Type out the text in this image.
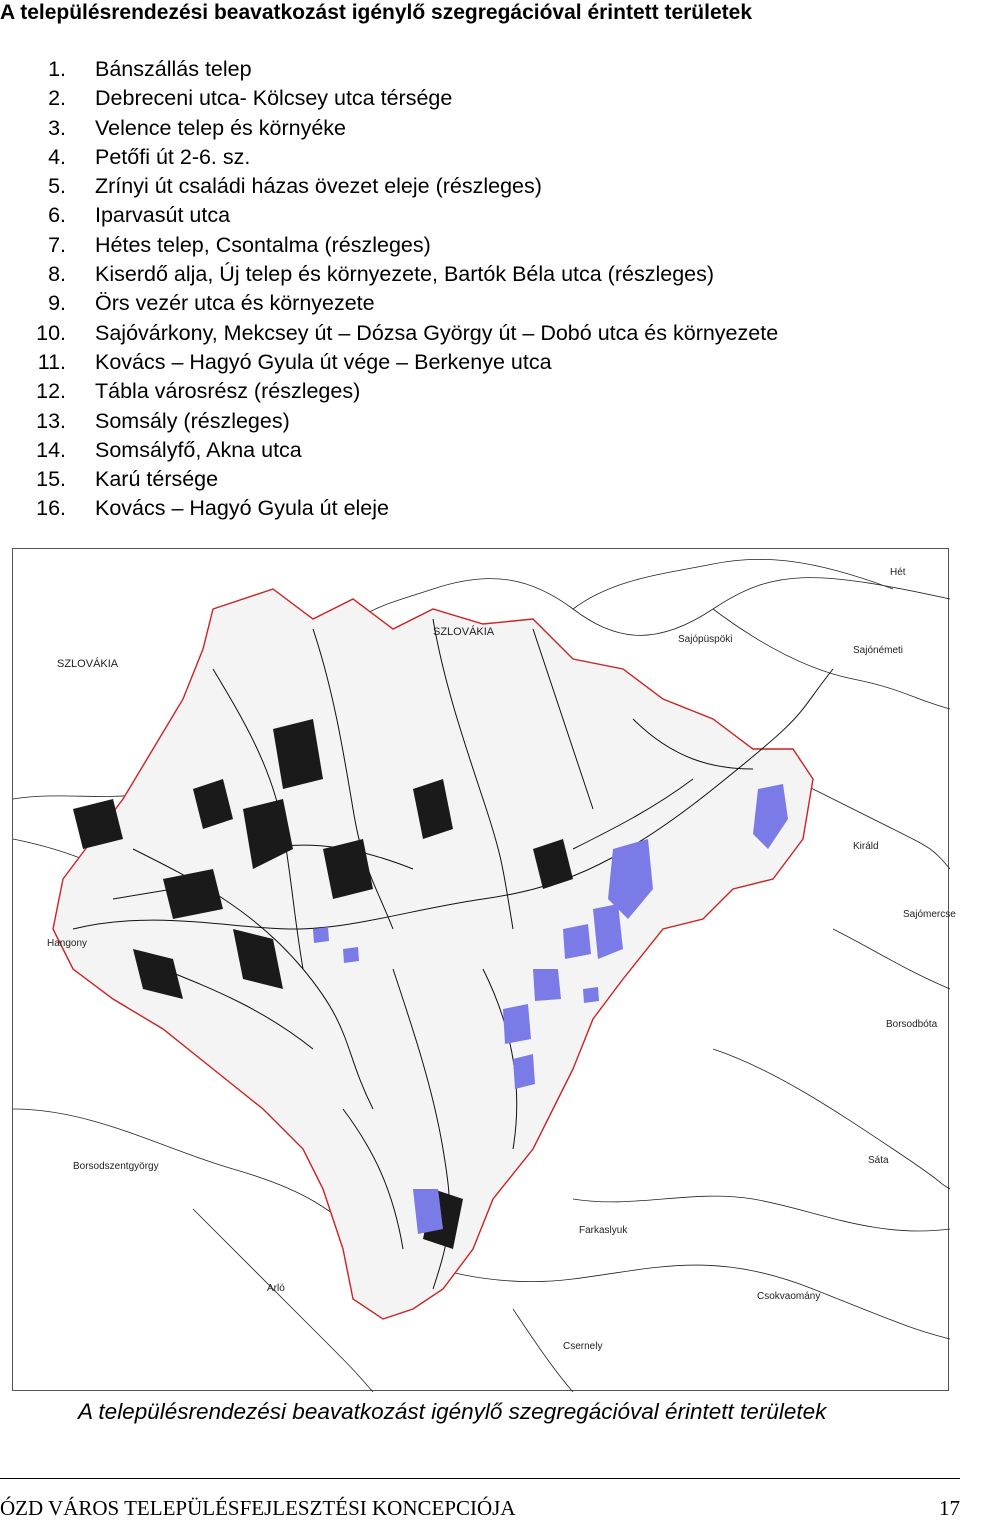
A településrendezési beavatkozást igénylő szegregációval érintett területek
1. Bánszállás telep
2. Debreceni utca- Kölcsey utca térsége
3. Velence telep és környéke
4. Petőfi út 2-6. sz.
5. Zrínyi út családi házas övezet eleje (részleges)
6. Iparvasút utca
7. Hétes telep, Csontalma (részleges)
8. Kiserdő alja, Új telep és környezete, Bartók Béla utca (részleges)
9. Örs vezér utca és környezete
10. Sajóvárkony, Mekcsey út – Dózsa György út – Dobó utca és környezete
11. Kovács – Hagyó Gyula út vége – Berkenye utca
12. Tábla városrész (részleges)
13. Somsály (részleges)
14. Somsályfő, Akna utca
15. Karú térsége
16. Kovács – Hagyó Gyula út eleje
SZLOVÁKIA
SZLOVÁKIA
Hét
Sajópüspöki
Sajónémeti
Királd
Sajómercse
Hangony
Borsodbóta
Borsodszentgyörgy
Sáta
Farkaslyuk
Arló
Csokvaomány
Csernely
A településrendezési beavatkozást igénylő szegregációval érintett területek
ÓZD VÁROS TELEPÜLÉSFEJLESZTÉSI KONCEPCIÓJA	17
